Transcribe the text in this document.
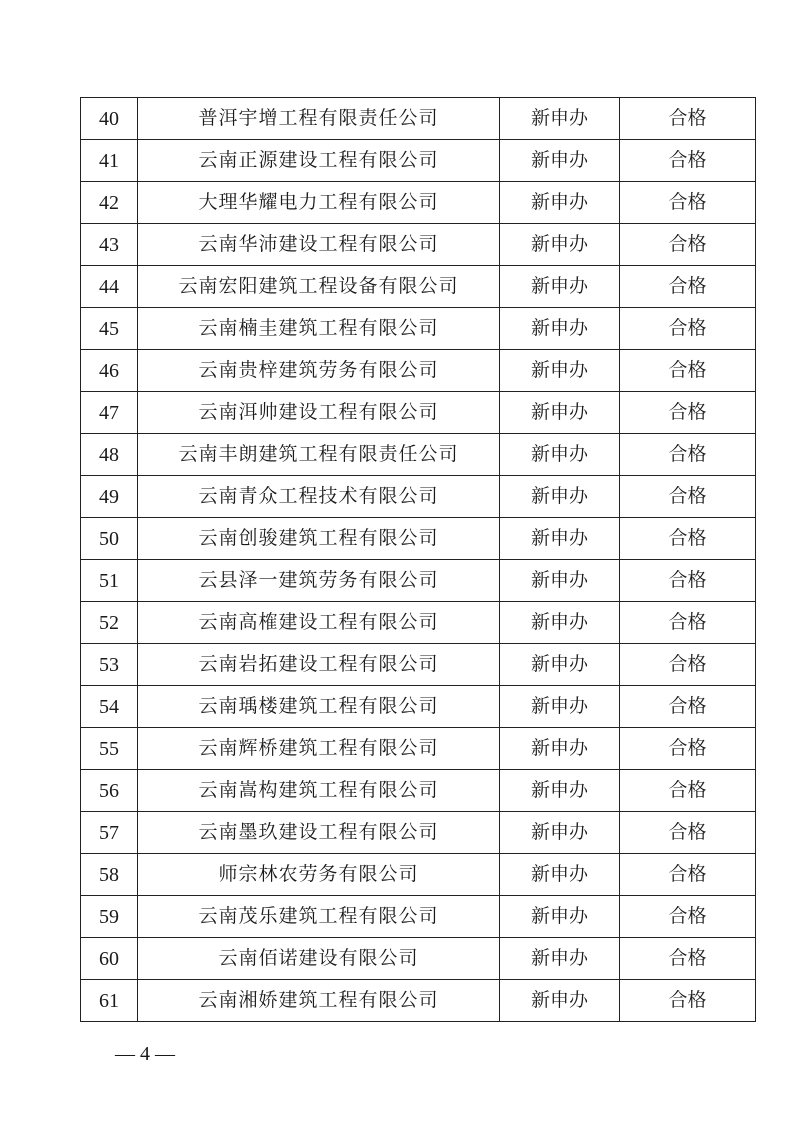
40	普洱宇增工程有限责任公司	新申办	合格
41	云南正源建设工程有限公司	新申办	合格
42	大理华耀电力工程有限公司	新申办	合格
43	云南华沛建设工程有限公司	新申办	合格
44	云南宏阳建筑工程设备有限公司	新申办	合格
45	云南楠圭建筑工程有限公司	新申办	合格
46	云南贵梓建筑劳务有限公司	新申办	合格
47	云南洱帅建设工程有限公司	新申办	合格
48	云南丰朗建筑工程有限责任公司	新申办	合格
49	云南青众工程技术有限公司	新申办	合格
50	云南创骏建筑工程有限公司	新申办	合格
51	云县泽一建筑劳务有限公司	新申办	合格
52	云南高榷建设工程有限公司	新申办	合格
53	云南岩拓建设工程有限公司	新申办	合格
54	云南瑀楼建筑工程有限公司	新申办	合格
55	云南辉桥建筑工程有限公司	新申办	合格
56	云南嵩构建筑工程有限公司	新申办	合格
57	云南墨玖建设工程有限公司	新申办	合格
58	师宗林农劳务有限公司	新申办	合格
59	云南茂乐建筑工程有限公司	新申办	合格
60	云南佰诺建设有限公司	新申办	合格
61	云南湘娇建筑工程有限公司	新申办	合格
— 4 —
